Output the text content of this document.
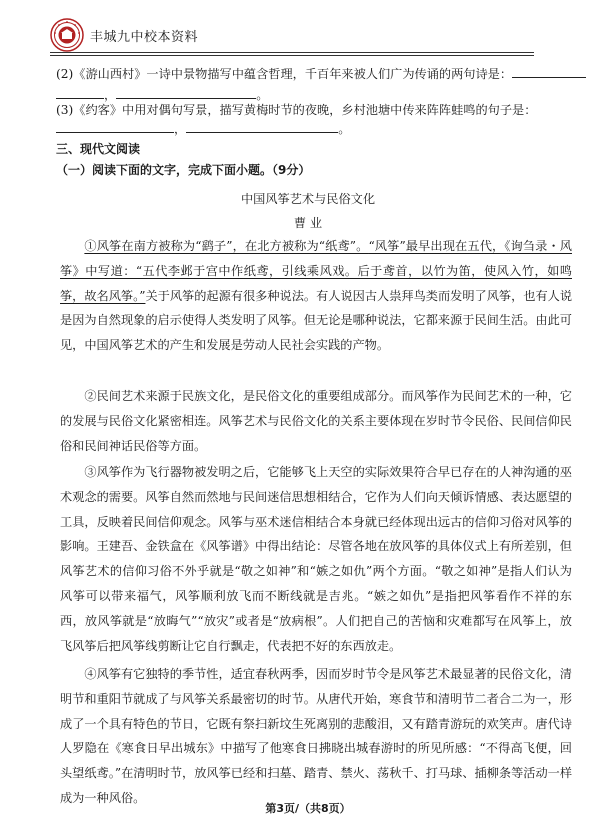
丰城九中校本资料
(2)《游山西村》一诗中景物描写中蕴含哲理，千百年来被人们广为传诵的两句诗是：
，	。
(3)《约客》中用对偶句写景，描写黄梅时节的夜晚，乡村池塘中传来阵阵蛙鸣的句子是：
，	。
三、现代文阅读
（一）阅读下面的文字，完成下面小题。（9分）
中国风筝艺术与民俗文化
曹 业
①风筝在南方被称为“鹞子”，在北方被称为“纸鸢”。“风筝”最早出现在五代，《询刍录・风筝》中写道：“五代李邺于宫中作纸鸢，引线乘风戏。后于鸢首，以竹为笛，使风入竹，如鸣筝，故名风筝。”关于风筝的起源有很多种说法。有人说因古人祟拜鸟类而发明了风筝，也有人说是因为自然现象的启示使得人类发明了风筝。但无论是哪种说法，它都来源于民间生活。由此可见，中国风筝艺术的产生和发展是劳动人民社会实践的产物。
②民间艺术来源于民族文化，是民俗文化的重要组成部分。而风筝作为民间艺术的一种，它的发展与民俗文化紧密相连。风筝艺术与民俗文化的关系主要体现在岁时节令民俗、民间信仰民俗和民间神话民俗等方面。
③风筝作为飞行器物被发明之后，它能够飞上天空的实际效果符合早已存在的人神沟通的巫术观念的需要。风筝自然而然地与民间迷信思想相结合，它作为人们向天倾诉情感、表达愿望的工具，反映着民间信仰观念。风筝与巫术迷信相结合本身就已经体现出远古的信仰习俗对风筝的影响。王建吾、金铁盒在《风筝谱》中得出结论：尽管各地在放风筝的具体仪式上有所差别，但风筝艺术的信仰习俗不外乎就是“敬之如神”和“嫉之如仇”两个方面。“敬之如神”是指人们认为风筝可以带来福气，风筝顺利放飞而不断线就是吉兆。“嫉之如仇”是指把风筝看作不祥的东西，放风筝就是“放晦气”“放灾”或者是“放病根”。人们把自己的苦恼和灾难都写在风筝上，放飞风筝后把风筝线剪断让它自行飘走，代表把不好的东西放走。
④风筝有它独特的季节性，适宜春秋两季，因而岁时节令是风筝艺术最显著的民俗文化，清明节和重阳节就成了与风筝关系最密切的时节。从唐代开始，寒食节和清明节二者合二为一，形成了一个具有特色的节日，它既有祭扫新坟生死离别的悲酸泪，又有踏青游玩的欢笑声。唐代诗人罗隐在《寒食日早出城东》中描写了他寒食日拂晓出城春游时的所见所感：“不得高飞便，回头望纸鸢。”在清明时节，放风筝已经和扫墓、踏青、禁火、荡秋千、打马球、插柳条等活动一样成为一种风俗。
第3页/（共8页）
